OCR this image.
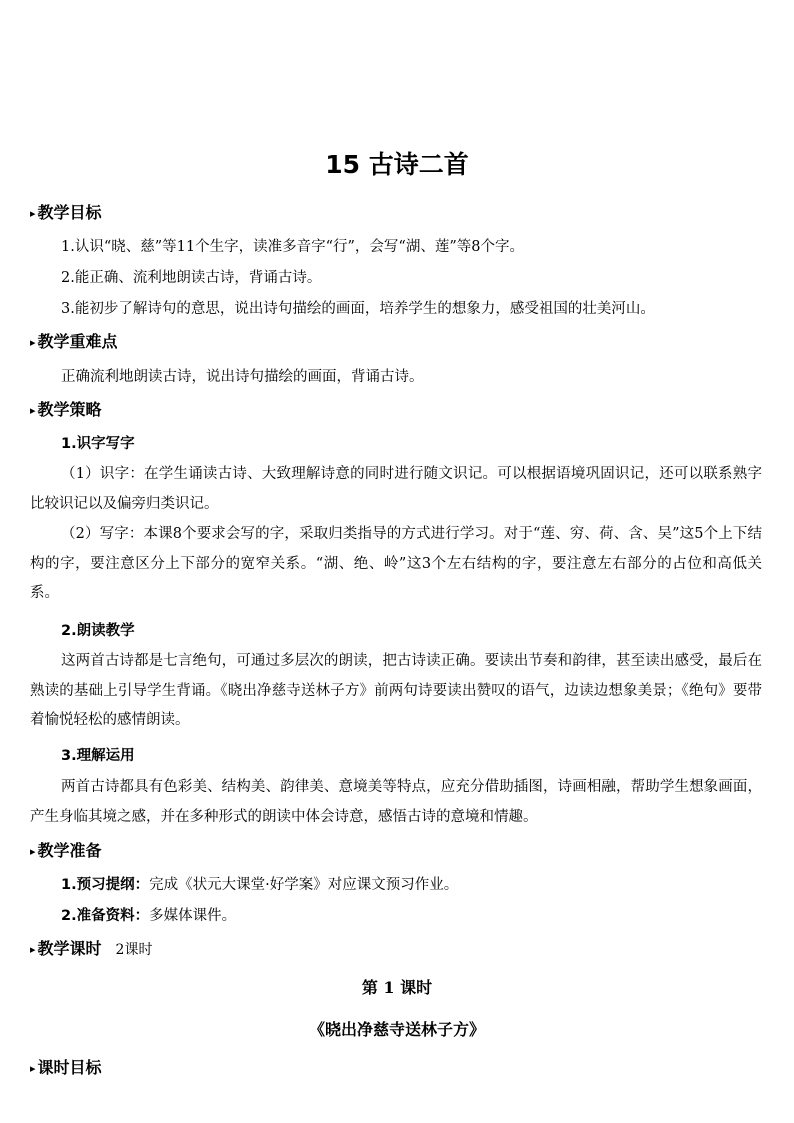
15 古诗二首
▸ 教学目标
1.认识“晓、慈”等11个生字，读准多音字“行”，会写“湖、莲”等8个字。
2.能正确、流利地朗读古诗，背诵古诗。
3.能初步了解诗句的意思，说出诗句描绘的画面，培养学生的想象力，感受祖国的壮美河山。
▸ 教学重难点
正确流利地朗读古诗，说出诗句描绘的画面，背诵古诗。
▸ 教学策略
1.识字写字

（1）识字：在学生诵读古诗、大致理解诗意的同时进行随文识记。可以根据语境巩固识记，还可以联系熟字比较识记以及偏旁归类识记。

（2）写字：本课8个要求会写的字，采取归类指导的方式进行学习。对于“莲、穷、荷、含、吴”这5个上下结构的字，要注意区分上下部分的宽窄关系。“湖、绝、岭”这3个左右结构的字，要注意左右部分的占位和高低关系。

2.朗读教学

这两首古诗都是七言绝句，可通过多层次的朗读，把古诗读正确。要读出节奏和韵律，甚至读出感受，最后在熟读的基础上引导学生背诵。《晓出净慈寺送林子方》前两句诗要读出赞叹的语气，边读边想象美景；《绝句》要带着愉悦轻松的感情朗读。

3.理解运用

两首古诗都具有色彩美、结构美、韵律美、意境美等特点，应充分借助插图，诗画相融，帮助学生想象画面，产生身临其境之感，并在多种形式的朗读中体会诗意，感悟古诗的意境和情趣。

▸ 教学准备
1.预习提纲：完成《状元大课堂·好学案》对应课文预习作业。
2.准备资料：多媒体课件。
▸ 教学课时 2课时
第 1 课时
《晓出净慈寺送林子方》
▸ 课时目标
